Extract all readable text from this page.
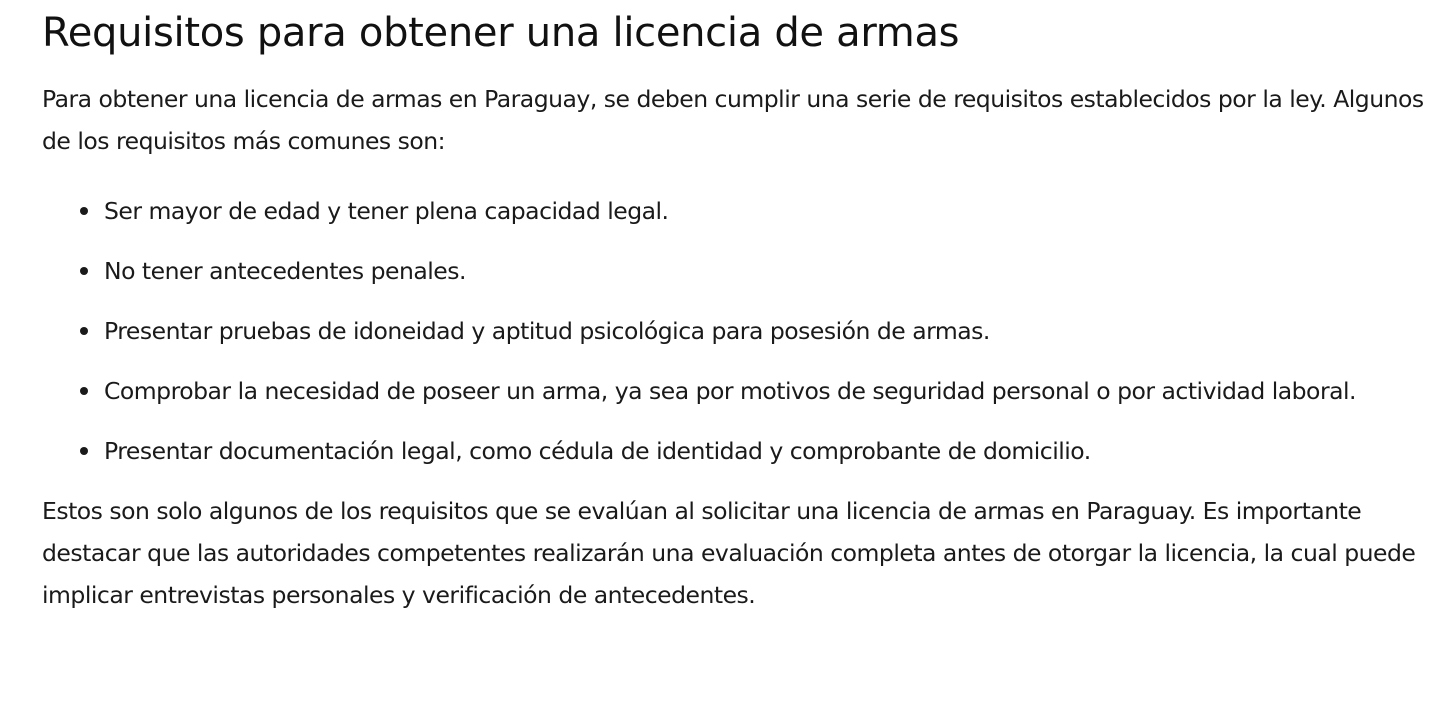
Requisitos para obtener una licencia de armas

Para obtener una licencia de armas en Paraguay, se deben cumplir una serie de requisitos establecidos por la ley. Algunos de los requisitos más comunes son:

Ser mayor de edad y tener plena capacidad legal.
No tener antecedentes penales.
Presentar pruebas de idoneidad y aptitud psicológica para posesión de armas.
Comprobar la necesidad de poseer un arma, ya sea por motivos de seguridad personal o por actividad laboral.
Presentar documentación legal, como cédula de identidad y comprobante de domicilio.

Estos son solo algunos de los requisitos que se evalúan al solicitar una licencia de armas en Paraguay. Es importante destacar que las autoridades competentes realizarán una evaluación completa antes de otorgar la licencia, la cual puede implicar entrevistas personales y verificación de antecedentes.
